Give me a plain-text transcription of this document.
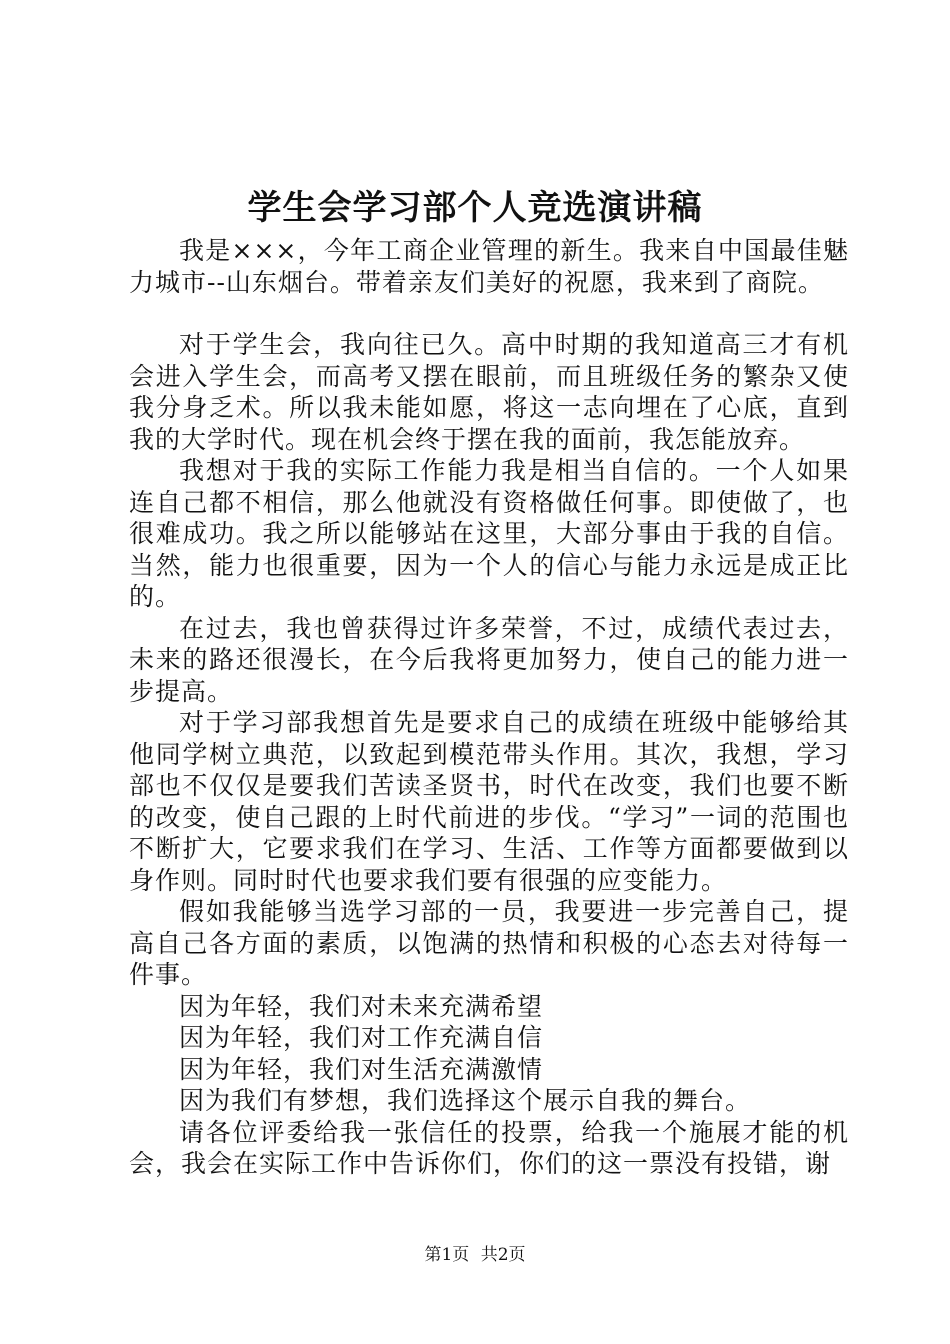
学生会学习部个人竞选演讲稿

我是×××，今年工商企业管理的新生。我来自中国最佳魅力城市--山东烟台。带着亲友们美好的祝愿，我来到了商院。

对于学生会，我向往已久。高中时期的我知道高三才有机会进入学生会，而高考又摆在眼前，而且班级任务的繁杂又使我分身乏术。所以我未能如愿，将这一志向埋在了心底，直到我的大学时代。现在机会终于摆在我的面前，我怎能放弃。

我想对于我的实际工作能力我是相当自信的。一个人如果连自己都不相信，那么他就没有资格做任何事。即使做了，也很难成功。我之所以能够站在这里，大部分事由于我的自信。当然，能力也很重要，因为一个人的信心与能力永远是成正比的。

在过去，我也曾获得过许多荣誉，不过，成绩代表过去，未来的路还很漫长，在今后我将更加努力，使自己的能力进一步提高。

对于学习部我想首先是要求自己的成绩在班级中能够给其他同学树立典范，以致起到模范带头作用。其次，我想，学习部也不仅仅是要我们苦读圣贤书，时代在改变，我们也要不断的改变，使自己跟的上时代前进的步伐。“学习”一词的范围也不断扩大，它要求我们在学习、生活、工作等方面都要做到以身作则。同时时代也要求我们要有很强的应变能力。

假如我能够当选学习部的一员，我要进一步完善自己，提高自己各方面的素质，以饱满的热情和积极的心态去对待每一件事。

因为年轻，我们对未来充满希望

因为年轻，我们对工作充满自信

因为年轻，我们对生活充满激情

因为我们有梦想，我们选择这个展示自我的舞台。

请各位评委给我一张信任的投票，给我一个施展才能的机会，我会在实际工作中告诉你们，你们的这一票没有投错，谢

第1页 共2页
